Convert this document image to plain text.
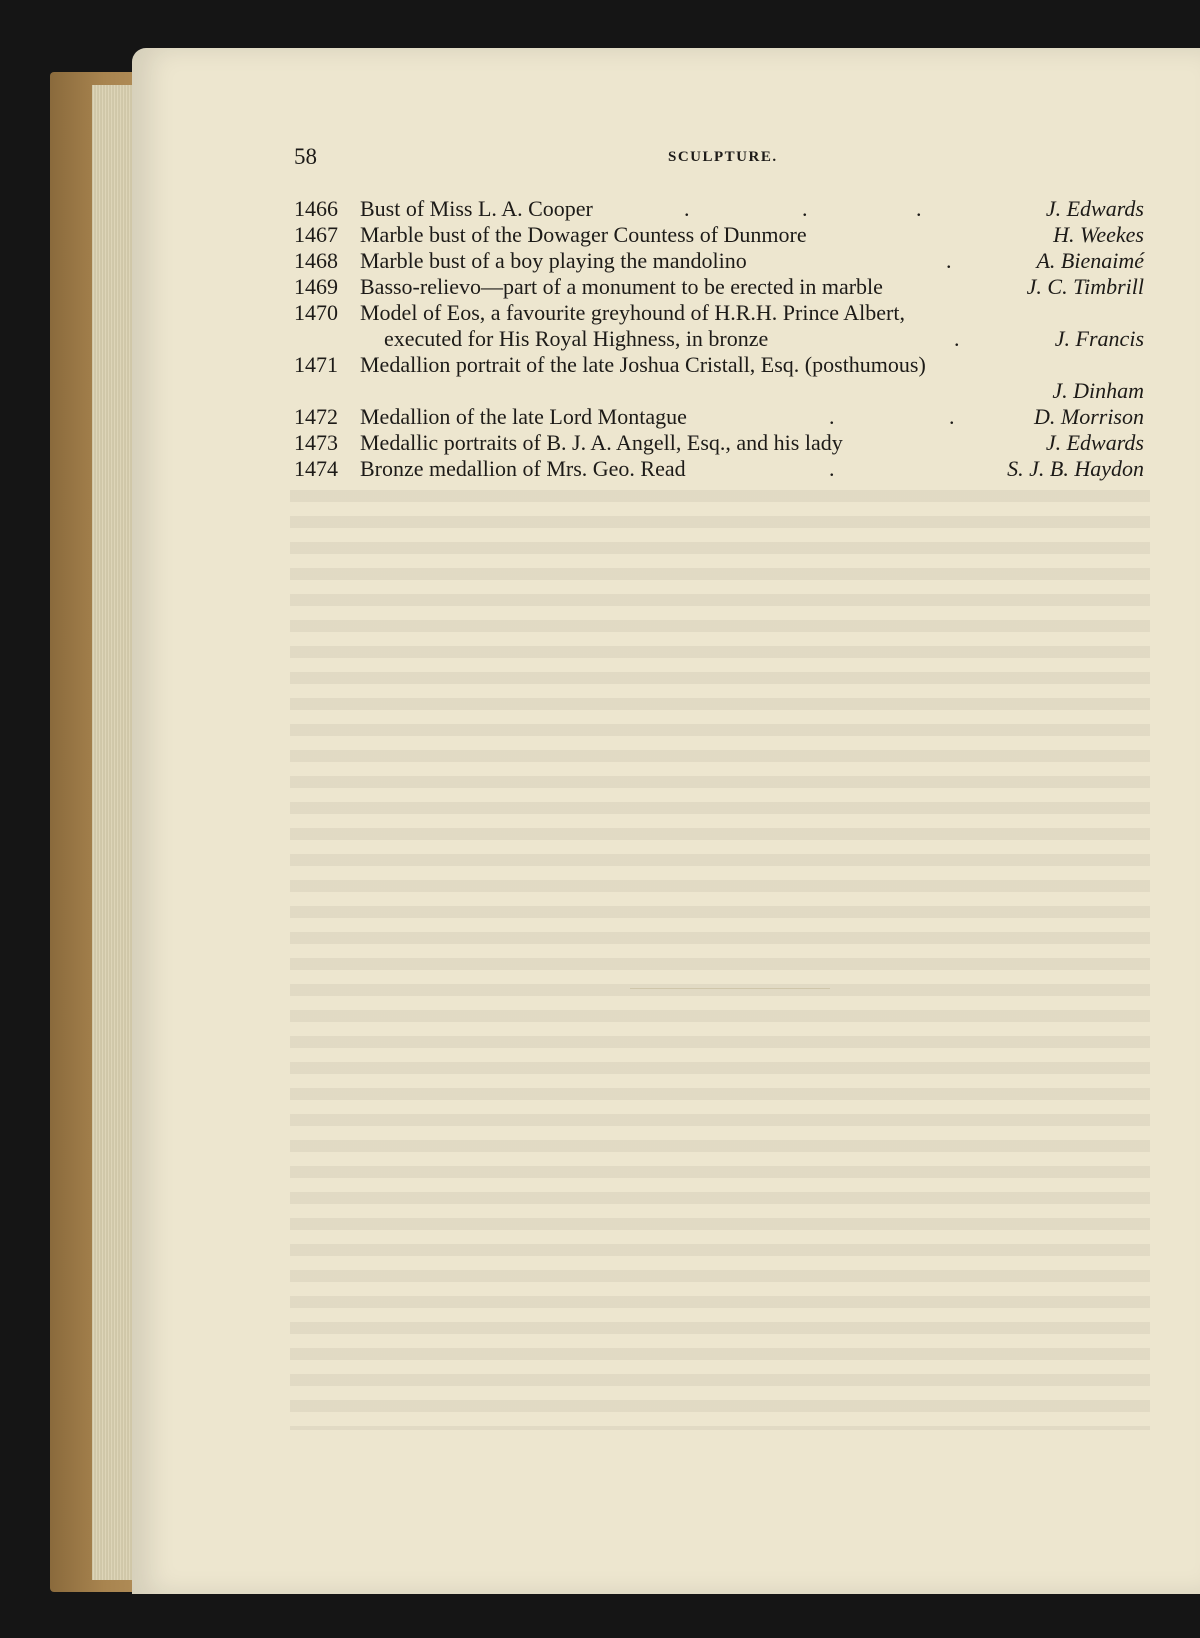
58	SCULPTURE.
1466 Bust of Miss L. A. Cooper	.	.	.	J. Edwards
1467 Marble bust of the Dowager Countess of Dunmore	H. Weekes
1468 Marble bust of a boy playing the mandolino	.	A. Bienaimé
1469 Basso-relievo—part of a monument to be erected in marble	J. C. Timbrill
1470 Model of Eos, a favourite greyhound of H.R.H. Prince Albert,
executed for His Royal Highness, in bronze	.	J. Francis
1471 Medallion portrait of the late Joshua Cristall, Esq. (posthumous)
J. Dinham
1472 Medallion of the late Lord Montague	.	.	D. Morrison
1473 Medallic portraits of B. J. A. Angell, Esq., and his lady	J. Edwards
1474 Bronze medallion of Mrs. Geo. Read	.	S. J. B. Haydon
